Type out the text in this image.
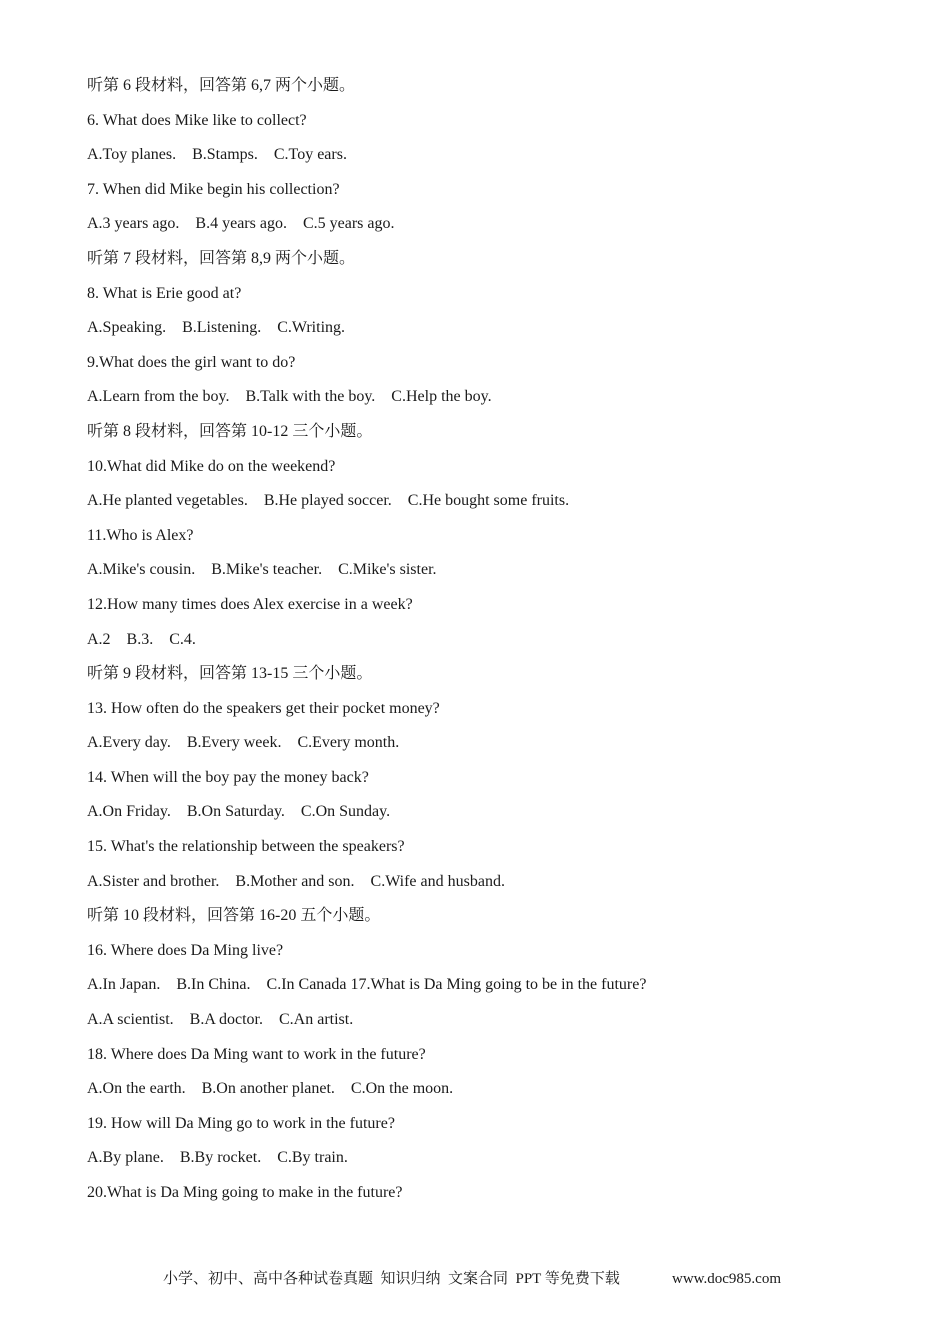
听第 6 段材料，回答第 6,7 两个小题。
6. What does Mike like to collect?
A.Toy planes.    B.Stamps.    C.Toy ears.
7. When did Mike begin his collection?
A.3 years ago.    B.4 years ago.    C.5 years ago.
听第 7 段材料，回答第 8,9 两个小题。
8. What is Erie good at?
A.Speaking.    B.Listening.    C.Writing.
9.What does the girl want to do?
A.Learn from the boy.    B.Talk with the boy.    C.Help the boy.
听第 8 段材料，回答第 10-12 三个小题。
10.What did Mike do on the weekend?
A.He planted vegetables.    B.He played soccer.    C.He bought some fruits.
11.Who is Alex?
A.Mike's cousin.    B.Mike's teacher.    C.Mike's sister.
12.How many times does Alex exercise in a week?
A.2    B.3.    C.4.
听第 9 段材料，回答第 13-15 三个小题。
13. How often do the speakers get their pocket money?
A.Every day.    B.Every week.    C.Every month.
14. When will the boy pay the money back?
A.On Friday.    B.On Saturday.    C.On Sunday.
15. What's the relationship between the speakers?
A.Sister and brother.    B.Mother and son.    C.Wife and husband.
听第 10 段材料，回答第 16-20 五个小题。
16. Where does Da Ming live?
A.In Japan.    B.In China.    C.In Canada 17.What is Da Ming going to be in the future?
A.A scientist.    B.A doctor.    C.An artist.
18. Where does Da Ming want to work in the future?
A.On the earth.    B.On another planet.    C.On the moon.
19. How will Da Ming go to work in the future?
A.By plane.    B.By rocket.    C.By train.
20.What is Da Ming going to make in the future?
小学、初中、高中各种试卷真题  知识归纳  文案合同  PPT 等免费下载	www.doc985.com
